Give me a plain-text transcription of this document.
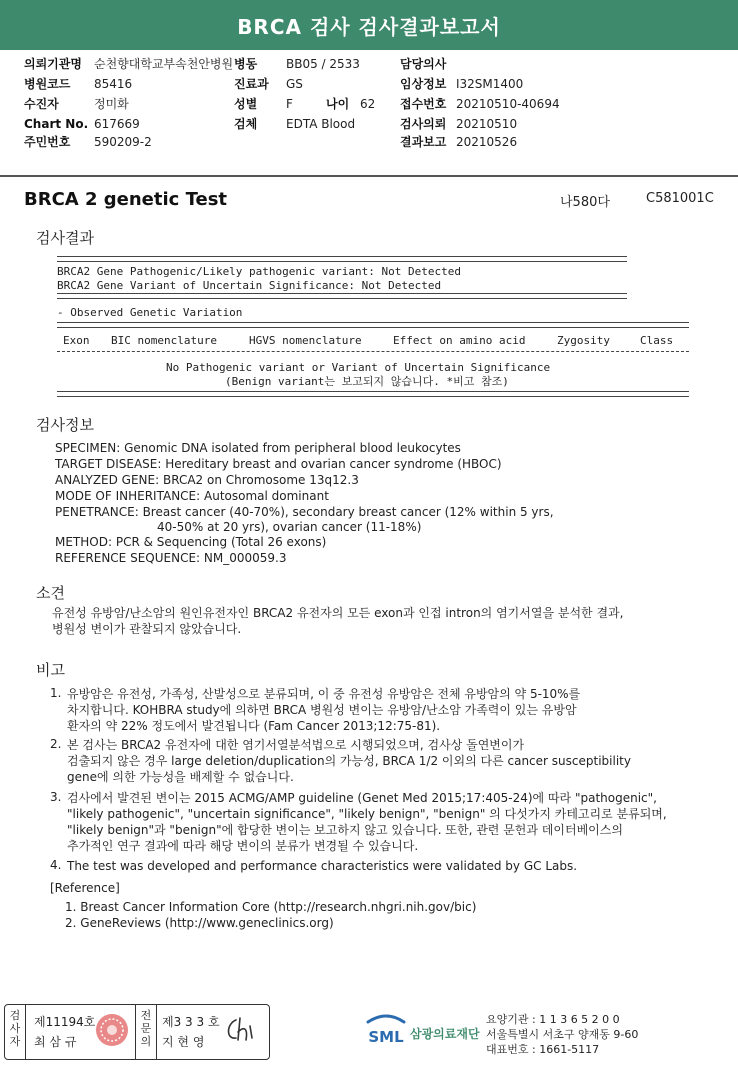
BRCA 검사 검사결과보고서
의뢰기관명 순천향대학교부속천안병원 병동 BB05 / 2533	담당의사
병원코드 85416	진료과 GS	임상정보 I32SM1400
수진자	정미화	성별 F	나이 62 접수번호 20210510-40694
Chart No. 617669	검체 EDTA Blood	검사의뢰 20210510
주민번호 590209-2	결과보고 20210526
BRCA 2 genetic Test	나580다	C581001C
검사결과
BRCA2 Gene Pathogenic/Likely pathogenic variant: Not Detected
BRCA2 Gene Variant of Uncertain Significance: Not Detected
- Observed Genetic Variation
Exon BIC nomenclature	HGVS nomenclature	Effect on amino acid	Zygosity	Class
No Pathogenic variant or Variant of Uncertain Significance
(Benign variant는 보고되지 않습니다. *비고 참조)
검사정보
SPECIMEN: Genomic DNA isolated from peripheral blood leukocytes
TARGET DISEASE: Hereditary breast and ovarian cancer syndrome (HBOC)
ANALYZED GENE: BRCA2 on Chromosome 13q12.3
MODE OF INHERITANCE: Autosomal dominant
PENETRANCE: Breast cancer (40-70%), secondary breast cancer (12% within 5 yrs,
40-50% at 20 yrs), ovarian cancer (11-18%)
METHOD: PCR & Sequencing (Total 26 exons)
REFERENCE SEQUENCE: NM_000059.3
소견
유전성 유방암/난소암의 원인유전자인 BRCA2 유전자의 모든 exon과 인접 intron의 염기서열을 분석한 결과,
병원성 변이가 관찰되지 않았습니다.
비고
1. 유방암은 유전성, 가족성, 산발성으로 분류되며, 이 중 유전성 유방암은 전체 유방암의 약 5-10%를
차지합니다. KOHBRA study에 의하면 BRCA 병원성 변이는 유방암/난소암 가족력이 있는 유방암
환자의 약 22% 정도에서 발견됩니다 (Fam Cancer 2013;12:75-81).
2. 본 검사는 BRCA2 유전자에 대한 염기서열분석법으로 시행되었으며, 검사상 돌연변이가
검출되지 않은 경우 large deletion/duplication의 가능성, BRCA 1/2 이외의 다른 cancer susceptibility
gene에 의한 가능성을 배제할 수 없습니다.
3. 검사에서 발견된 변이는 2015 ACMG/AMP guideline (Genet Med 2015;17:405-24)에 따라 "pathogenic",
"likely pathogenic", "uncertain significance", "likely benign", "benign" 의 다섯가지 카테고리로 분류되며,
"likely benign"과 "benign"에 합당한 변이는 보고하지 않고 있습니다. 또한, 관련 문헌과 데이터베이스의
추가적인 연구 결과에 따라 해당 변이의 분류가 변경될 수 있습니다.
4. The test was developed and performance characteristics were validated by GC Labs.
[Reference]
1. Breast Cancer Information Core (http://research.nhgri.nih.gov/bic)
2. GeneReviews (http://www.geneclinics.org)
검
사
자
제11194호
최 삼 규
전
문
의
제3 3 3 호
지 현 영	SML 삼광의료재단
요양기관 : 1 1 3 6 5 2 0 0
서울특별시 서초구 양재동 9-60
대표번호 : 1661-5117
